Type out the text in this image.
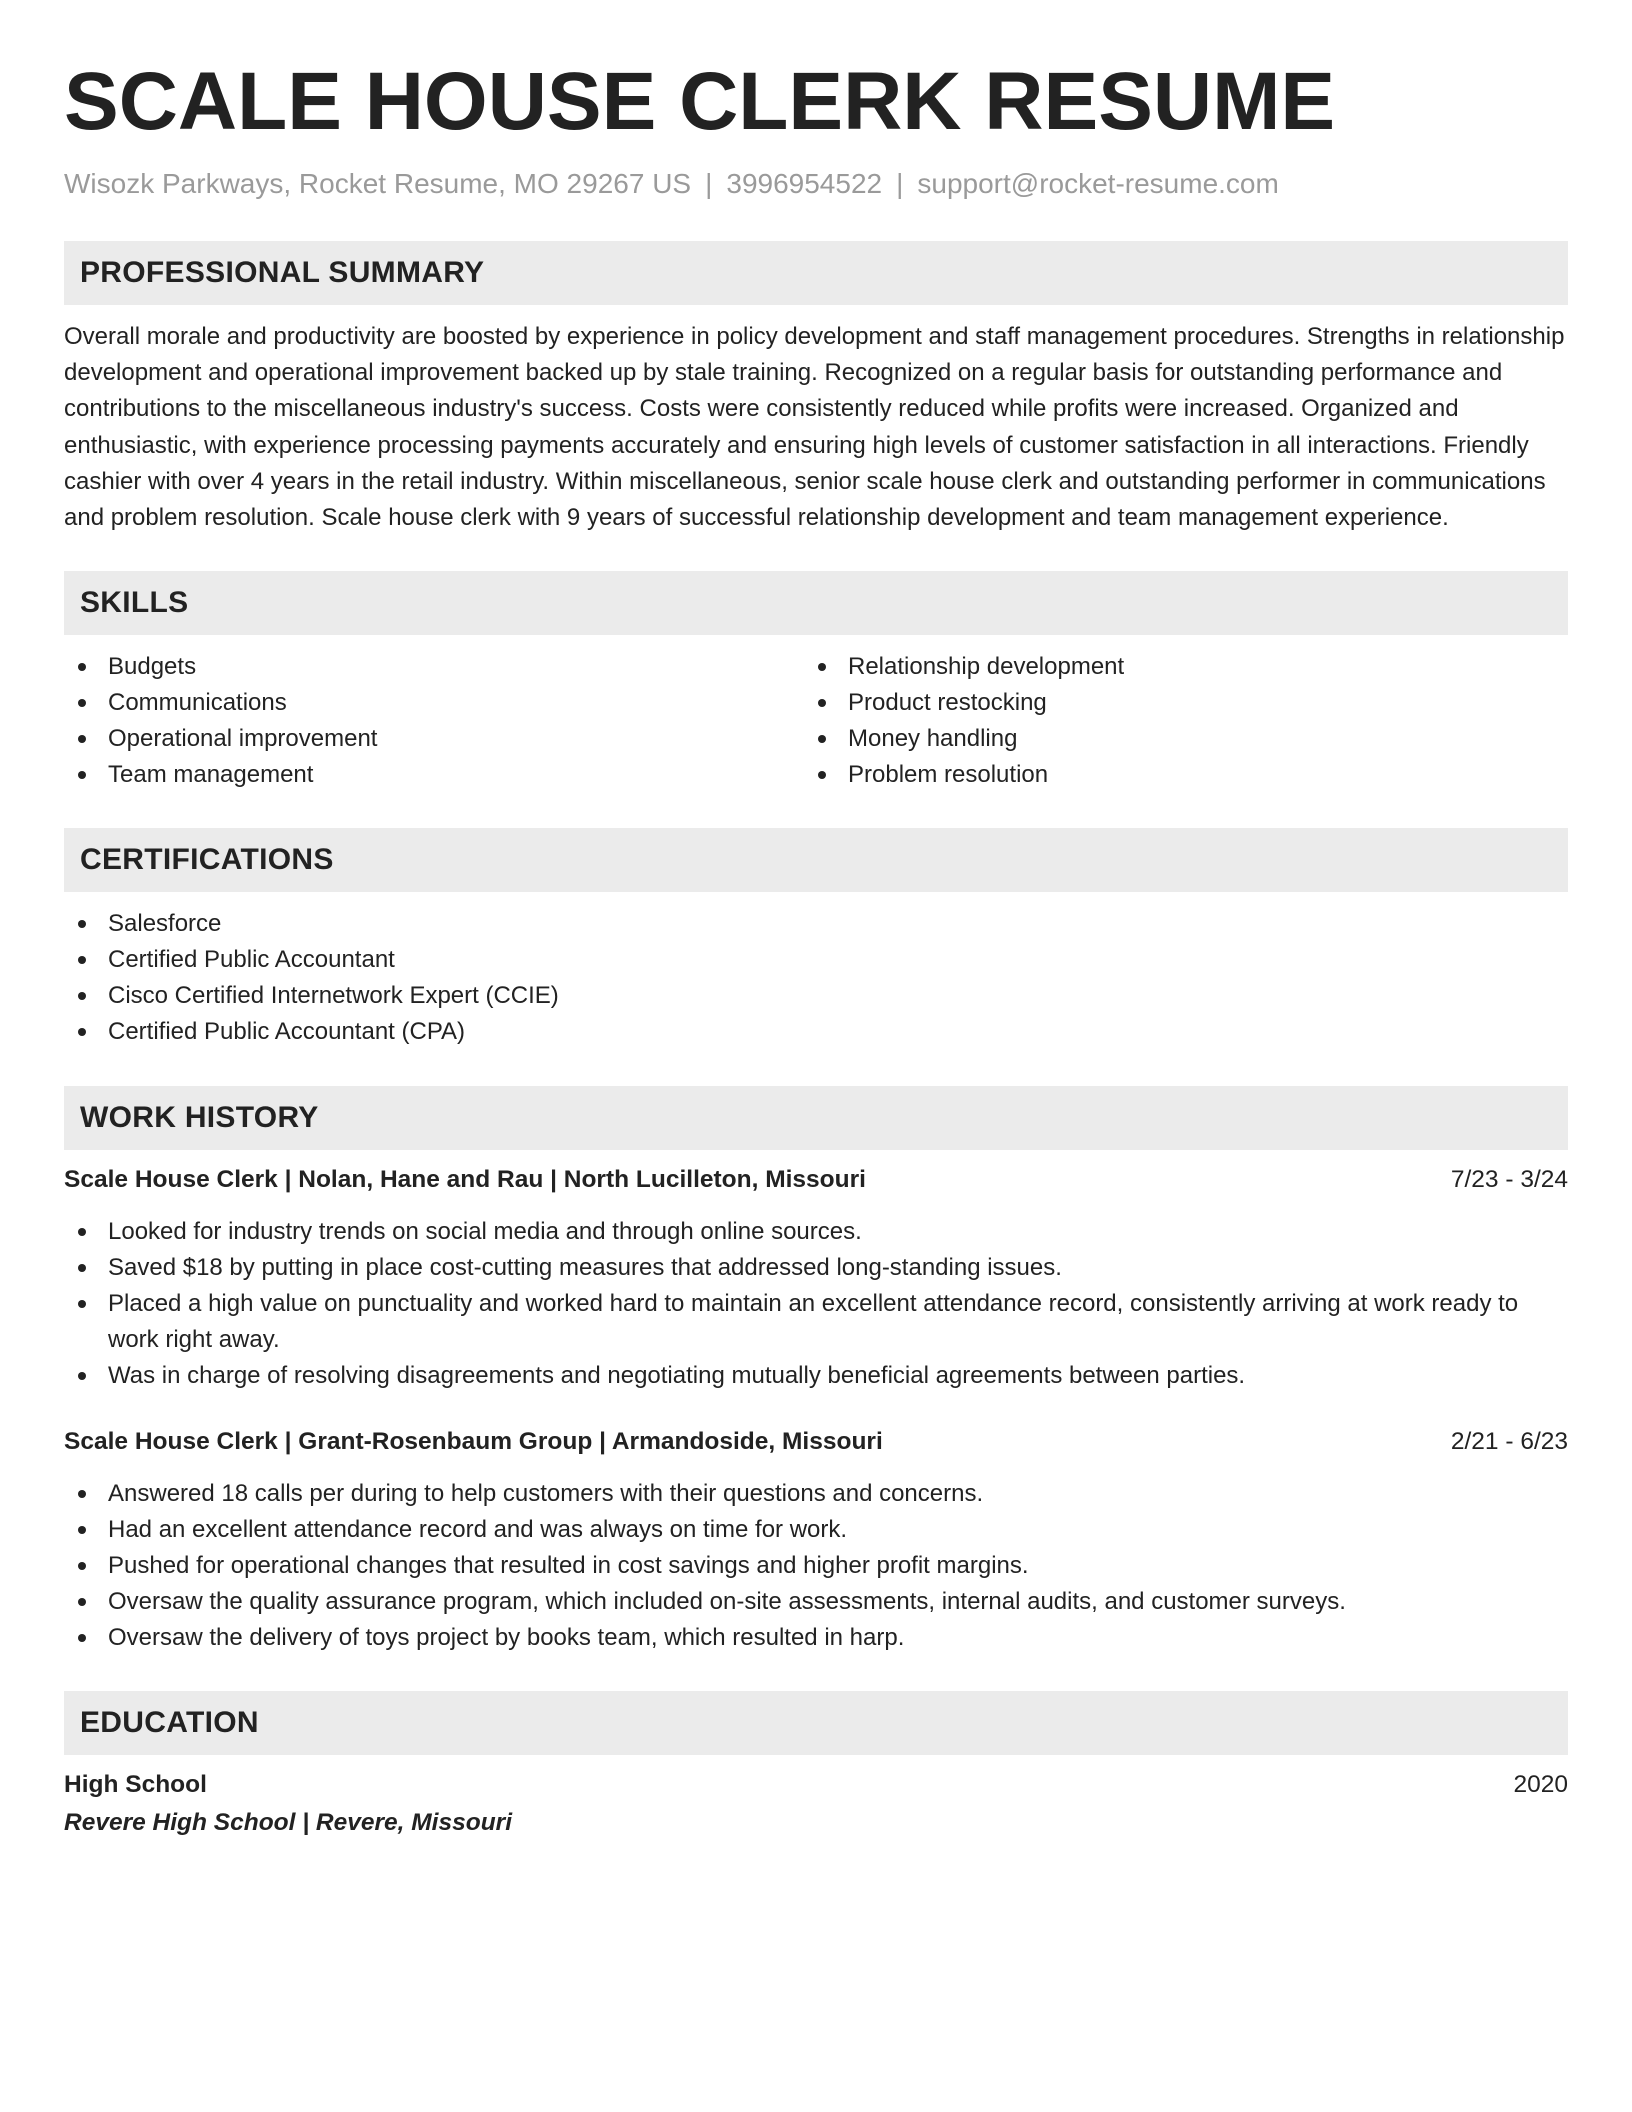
SCALE HOUSE CLERK RESUME
Wisozk Parkways, Rocket Resume, MO 29267 US | 3996954522 | support@rocket-resume.com
PROFESSIONAL SUMMARY
Overall morale and productivity are boosted by experience in policy development and staff management procedures. Strengths in relationship development and operational improvement backed up by stale training. Recognized on a regular basis for outstanding performance and contributions to the miscellaneous industry's success. Costs were consistently reduced while profits were increased. Organized and enthusiastic, with experience processing payments accurately and ensuring high levels of customer satisfaction in all interactions. Friendly cashier with over 4 years in the retail industry. Within miscellaneous, senior scale house clerk and outstanding performer in communications and problem resolution. Scale house clerk with 9 years of successful relationship development and team management experience.
SKILLS
Budgets
Communications
Operational improvement
Team management
Relationship development
Product restocking
Money handling
Problem resolution
CERTIFICATIONS
Salesforce
Certified Public Accountant
Cisco Certified Internetwork Expert (CCIE)
Certified Public Accountant (CPA)
WORK HISTORY
Scale House Clerk | Nolan, Hane and Rau | North Lucilleton, Missouri	7/23 - 3/24
Looked for industry trends on social media and through online sources.
Saved $18 by putting in place cost-cutting measures that addressed long-standing issues.
Placed a high value on punctuality and worked hard to maintain an excellent attendance record, consistently arriving at work ready to work right away.
Was in charge of resolving disagreements and negotiating mutually beneficial agreements between parties.
Scale House Clerk | Grant-Rosenbaum Group | Armandoside, Missouri	2/21 - 6/23
Answered 18 calls per during to help customers with their questions and concerns.
Had an excellent attendance record and was always on time for work.
Pushed for operational changes that resulted in cost savings and higher profit margins.
Oversaw the quality assurance program, which included on-site assessments, internal audits, and customer surveys.
Oversaw the delivery of toys project by books team, which resulted in harp.
EDUCATION
High School	2020
Revere High School | Revere, Missouri
